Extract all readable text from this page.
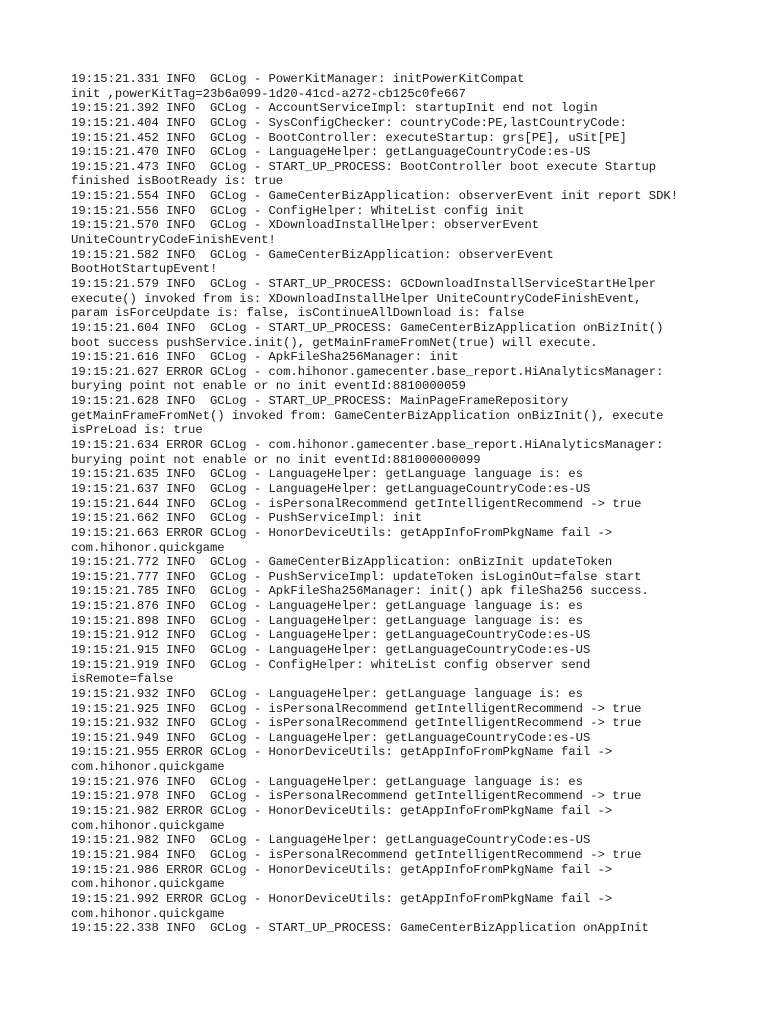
19:15:21.331 INFO  GCLog - PowerKitManager: initPowerKitCompat
init ,powerKitTag=23b6a099-1d20-41cd-a272-cb125c0fe667
19:15:21.392 INFO  GCLog - AccountServiceImpl: startupInit end not login
19:15:21.404 INFO  GCLog - SysConfigChecker: countryCode:PE,lastCountryCode:
19:15:21.452 INFO  GCLog - BootController: executeStartup: grs[PE], uSit[PE]
19:15:21.470 INFO  GCLog - LanguageHelper: getLanguageCountryCode:es-US
19:15:21.473 INFO  GCLog - START_UP_PROCESS: BootController boot execute Startup
finished isBootReady is: true
19:15:21.554 INFO  GCLog - GameCenterBizApplication: observerEvent init report SDK!
19:15:21.556 INFO  GCLog - ConfigHelper: WhiteList config init
19:15:21.570 INFO  GCLog - XDownloadInstallHelper: observerEvent
UniteCountryCodeFinishEvent!
19:15:21.582 INFO  GCLog - GameCenterBizApplication: observerEvent
BootHotStartupEvent!
19:15:21.579 INFO  GCLog - START_UP_PROCESS: GCDownloadInstallServiceStartHelper
execute() invoked from is: XDownloadInstallHelper UniteCountryCodeFinishEvent,
param isForceUpdate is: false, isContinueAllDownload is: false
19:15:21.604 INFO  GCLog - START_UP_PROCESS: GameCenterBizApplication onBizInit()
boot success pushService.init(), getMainFrameFromNet(true) will execute.
19:15:21.616 INFO  GCLog - ApkFileSha256Manager: init
19:15:21.627 ERROR GCLog - com.hihonor.gamecenter.base_report.HiAnalyticsManager:
burying point not enable or no init eventId:8810000059
19:15:21.628 INFO  GCLog - START_UP_PROCESS: MainPageFrameRepository
getMainFrameFromNet() invoked from: GameCenterBizApplication onBizInit(), execute
isPreLoad is: true
19:15:21.634 ERROR GCLog - com.hihonor.gamecenter.base_report.HiAnalyticsManager:
burying point not enable or no init eventId:881000000099
19:15:21.635 INFO  GCLog - LanguageHelper: getLanguage language is: es
19:15:21.637 INFO  GCLog - LanguageHelper: getLanguageCountryCode:es-US
19:15:21.644 INFO  GCLog - isPersonalRecommend getIntelligentRecommend -> true
19:15:21.662 INFO  GCLog - PushServiceImpl: init
19:15:21.663 ERROR GCLog - HonorDeviceUtils: getAppInfoFromPkgName fail ->
com.hihonor.quickgame
19:15:21.772 INFO  GCLog - GameCenterBizApplication: onBizInit updateToken
19:15:21.777 INFO  GCLog - PushServiceImpl: updateToken isLoginOut=false start
19:15:21.785 INFO  GCLog - ApkFileSha256Manager: init() apk fileSha256 success.
19:15:21.876 INFO  GCLog - LanguageHelper: getLanguage language is: es
19:15:21.898 INFO  GCLog - LanguageHelper: getLanguage language is: es
19:15:21.912 INFO  GCLog - LanguageHelper: getLanguageCountryCode:es-US
19:15:21.915 INFO  GCLog - LanguageHelper: getLanguageCountryCode:es-US
19:15:21.919 INFO  GCLog - ConfigHelper: whiteList config observer send
isRemote=false
19:15:21.932 INFO  GCLog - LanguageHelper: getLanguage language is: es
19:15:21.925 INFO  GCLog - isPersonalRecommend getIntelligentRecommend -> true
19:15:21.932 INFO  GCLog - isPersonalRecommend getIntelligentRecommend -> true
19:15:21.949 INFO  GCLog - LanguageHelper: getLanguageCountryCode:es-US
19:15:21.955 ERROR GCLog - HonorDeviceUtils: getAppInfoFromPkgName fail ->
com.hihonor.quickgame
19:15:21.976 INFO  GCLog - LanguageHelper: getLanguage language is: es
19:15:21.978 INFO  GCLog - isPersonalRecommend getIntelligentRecommend -> true
19:15:21.982 ERROR GCLog - HonorDeviceUtils: getAppInfoFromPkgName fail ->
com.hihonor.quickgame
19:15:21.982 INFO  GCLog - LanguageHelper: getLanguageCountryCode:es-US
19:15:21.984 INFO  GCLog - isPersonalRecommend getIntelligentRecommend -> true
19:15:21.986 ERROR GCLog - HonorDeviceUtils: getAppInfoFromPkgName fail ->
com.hihonor.quickgame
19:15:21.992 ERROR GCLog - HonorDeviceUtils: getAppInfoFromPkgName fail ->
com.hihonor.quickgame
19:15:22.338 INFO  GCLog - START_UP_PROCESS: GameCenterBizApplication onAppInit
